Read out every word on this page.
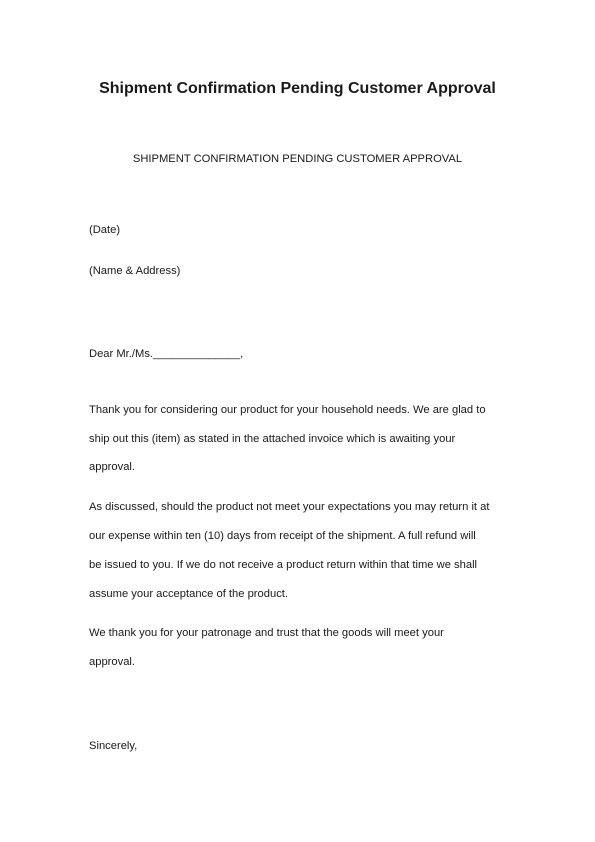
Shipment Confirmation Pending Customer Approval
SHIPMENT CONFIRMATION PENDING CUSTOMER APPROVAL
(Date)
(Name & Address)
Dear Mr./Ms.______________,
Thank you for considering our product for your household needs. We are glad to
ship out this (item) as stated in the attached invoice which is awaiting your
approval.
As discussed, should the product not meet your expectations you may return it at
our expense within ten (10) days from receipt of the shipment. A full refund will
be issued to you. If we do not receive a product return within that time we shall
assume your acceptance of the product.
We thank you for your patronage and trust that the goods will meet your
approval.
Sincerely,
